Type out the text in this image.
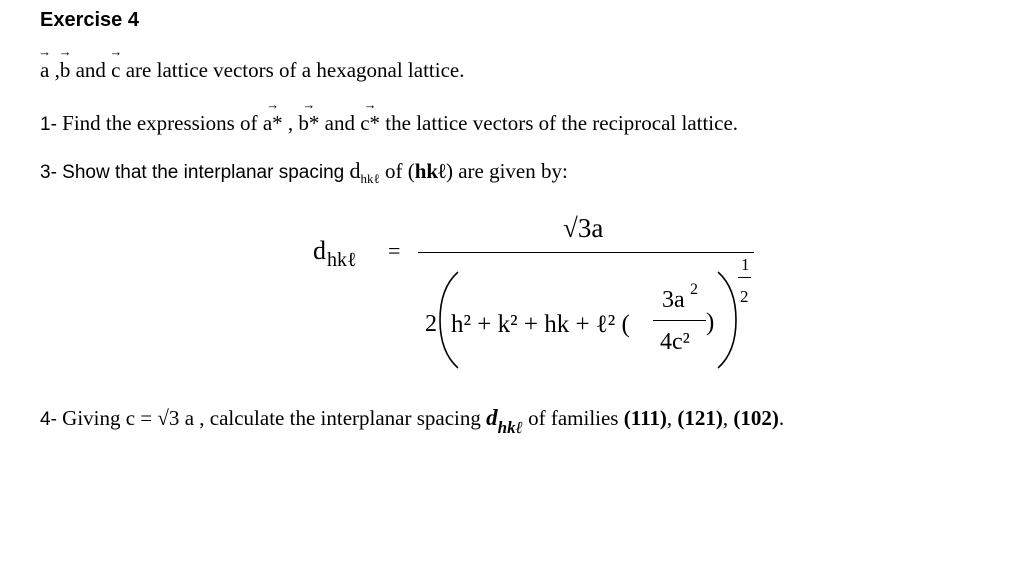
Exercise 4
→ a ,→ b and → c are lattice vectors of a hexagonal lattice.
1- Find the expressions of → a* , → b* and → c* the lattice vectors of the reciprocal lattice.
3- Show that the interplanar spacing $d_{hk\ell}$ of (hkℓ) are given by:
d hkℓ =
√3a
1
2
2 h² + k² + hk + ℓ² (
3a 2
4c²
)
4- Giving c = √3 a , calculate the interplanar spacing $d_{hk\ell}$ of families (111), (121), (102).
